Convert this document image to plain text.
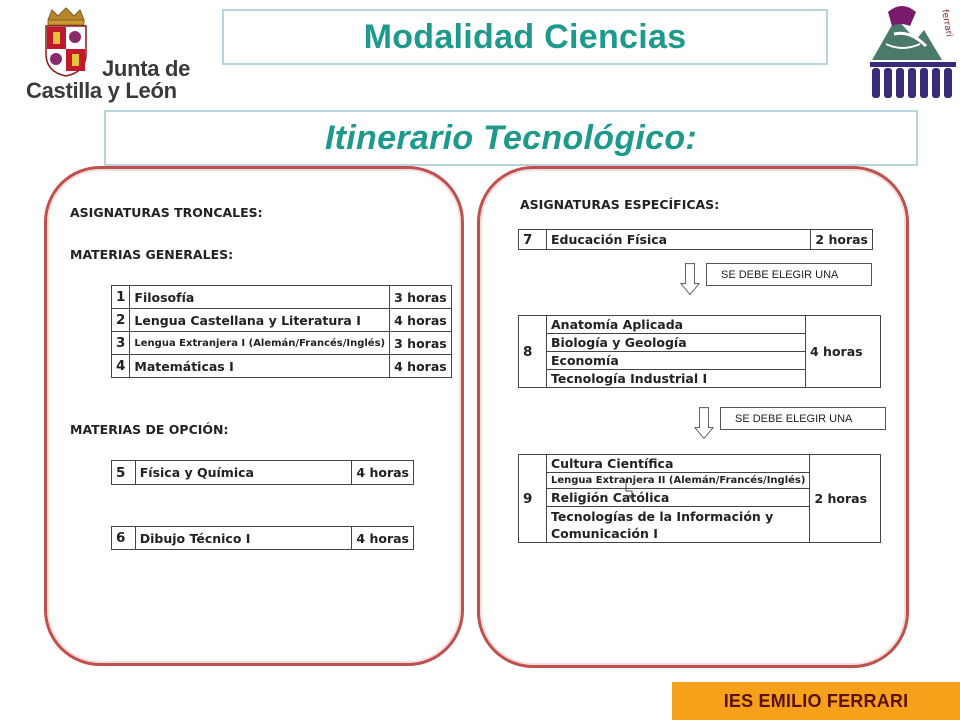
Junta de
Castilla y León
Modalidad Ciencias
Itinerario Tecnológico:
ferrari
ASIGNATURAS TRONCALES:
MATERIAS GENERALES:
1	Filosofía	3 horas
2	Lengua Castellana y Literatura I	4 horas
3	Lengua Extranjera I (Alemán/Francés/Inglés)	3 horas
4	Matemáticas I	4 horas
MATERIAS DE OPCIÓN:
5	Física y Química	4 horas
6	Dibujo Técnico I	4 horas
ASIGNATURAS ESPECÍFICAS:
7	Educación Física	2 horas
SE DEBE ELEGIR UNA
8	Anatomía Aplicada	4 horas
Biología y Geología
Economía
Tecnología Industrial I
SE DEBE ELEGIR UNA
9	Cultura Científica	2 horas
Lengua Extranjera II (Alemán/Francés/Inglés)
Religión Católica

Tecnologías de la Información y
Comunicación I
IES EMILIO FERRARI
